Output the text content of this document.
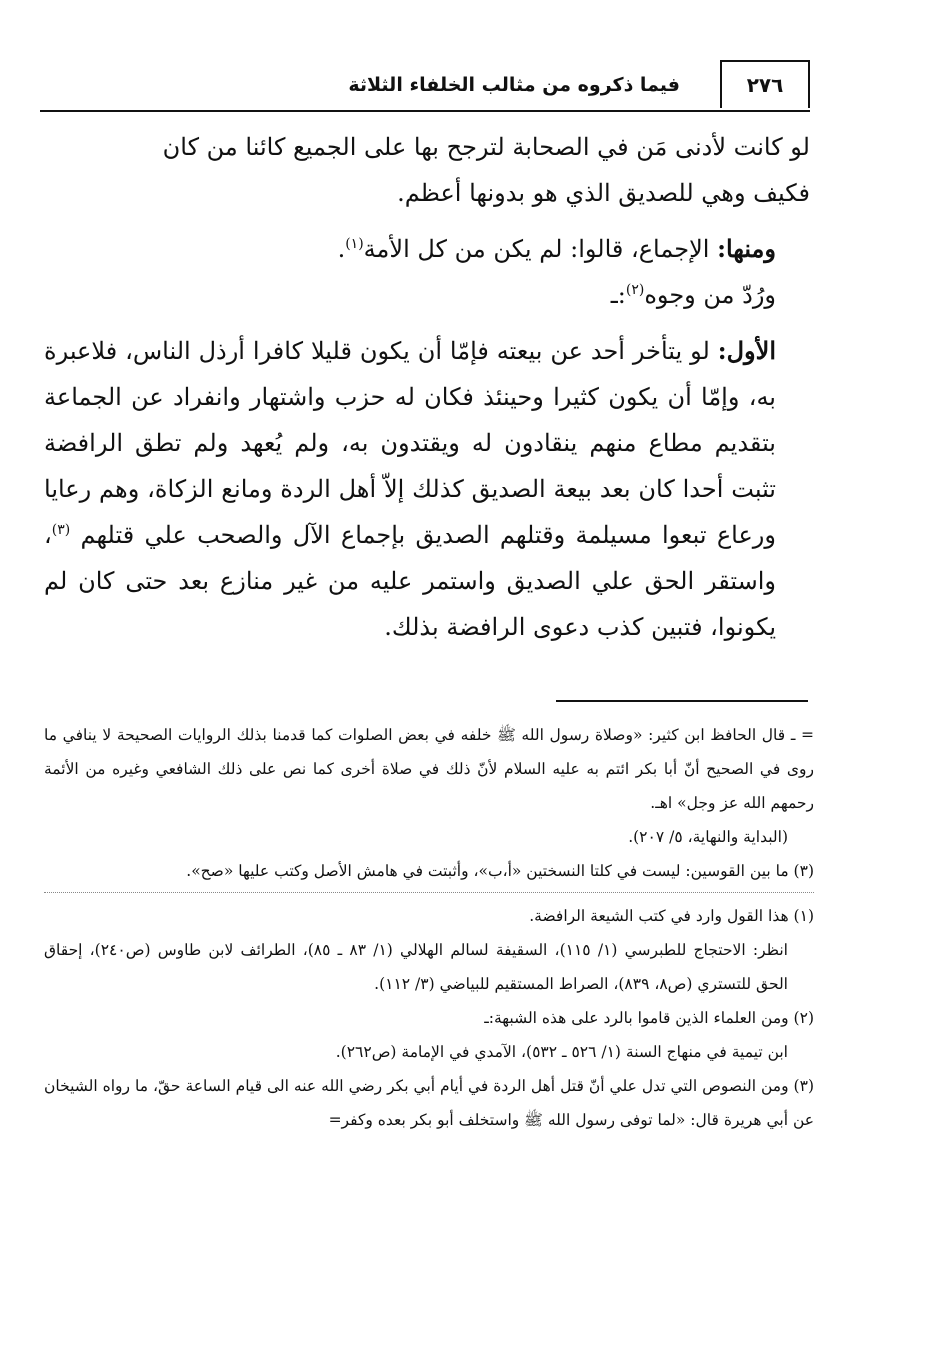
فيما ذكروه من مثالب الخلفاء الثلاثة	٢٧٦

لو كانت لأدنى مَن في الصحابة لترجح بها على الجميع كائنا من كان
فكيف وهي للصديق الذي هو بدونها أعظم.

ومنها: الإجماع، قالوا: لم يكن من كل الأمة$^{(١)}$.

ورُدّ من وجوه$^{(٢)}$:ـ

الأول: لو يتأخر أحد عن بيعته فإمّا أن يكون قليلا كافرا أرذل الناس، فلاعبرة به، وإمّا أن يكون كثيرا وحينئذ فكان له حزب واشتهار وانفراد عن الجماعة بتقديم مطاع منهم ينقادون له ويقتدون به، ولم يُعهد ولم تطق الرافضة تثبت أحدا كان بعد بيعة الصديق كذلك إلاّ أهل الردة ومانع الزكاة، وهم رعايا ورعاع تبعوا مسيلمة وقتلهم الصديق بإجماع الآل والصحب علي قتلهم $^{(٣)}$، واستقر الحق علي الصديق واستمر عليه من غير منازع بعد حتى كان لم يكونوا، فتبين كذب دعوى الرافضة بذلك.

= ـ قال الحافظ ابن كثير: «وصلاة رسول الله ﷺ خلفه في بعض الصلوات كما قدمنا بذلك الروايات الصحيحة لا ينافي ما روى في الصحيح أنّ أبا بكر ائتم به عليه السلام لأنّ ذلك في صلاة أخرى كما نص على ذلك الشافعي وغيره من الأئمة رحمهم الله عز وجل» اهـ.

(البداية والنهاية، ٥/ ٢٠٧).

(٣) ما بين القوسين: ليست في كلتا النسختين «أ،ب»، وأثبتت في هامش الأصل وكتب عليها «صح».

(١) هذا القول وارد في كتب الشيعة الرافضة.

انظر: الاحتجاج للطبرسي (١/ ١١٥)، السقيفة لسالم الهلالي (١/ ٨٣ ـ ٨٥)، الطرائف لابن طاوس (ص٢٤٠)، إحقاق الحق للتستري (ص٨، ٨٣٩)، الصراط المستقيم للبياضي (٣/ ١١٢).

(٢) ومن العلماء الذين قاموا بالرد على هذه الشبهة:ـ

ابن تيمية في منهاج السنة (١/ ٥٢٦ ـ ٥٣٢)، الآمدي في الإمامة (ص٢٦٢).

(٣) ومن النصوص التي تدل علي أنّ قتل أهل الردة في أيام أبي بكر رضي الله عنه الى قيام الساعة حقّ، ما رواه الشيخان عن أبي هريرة قال: «لما توفى رسول الله ﷺ واستخلف أبو بكر بعده وكفر=
